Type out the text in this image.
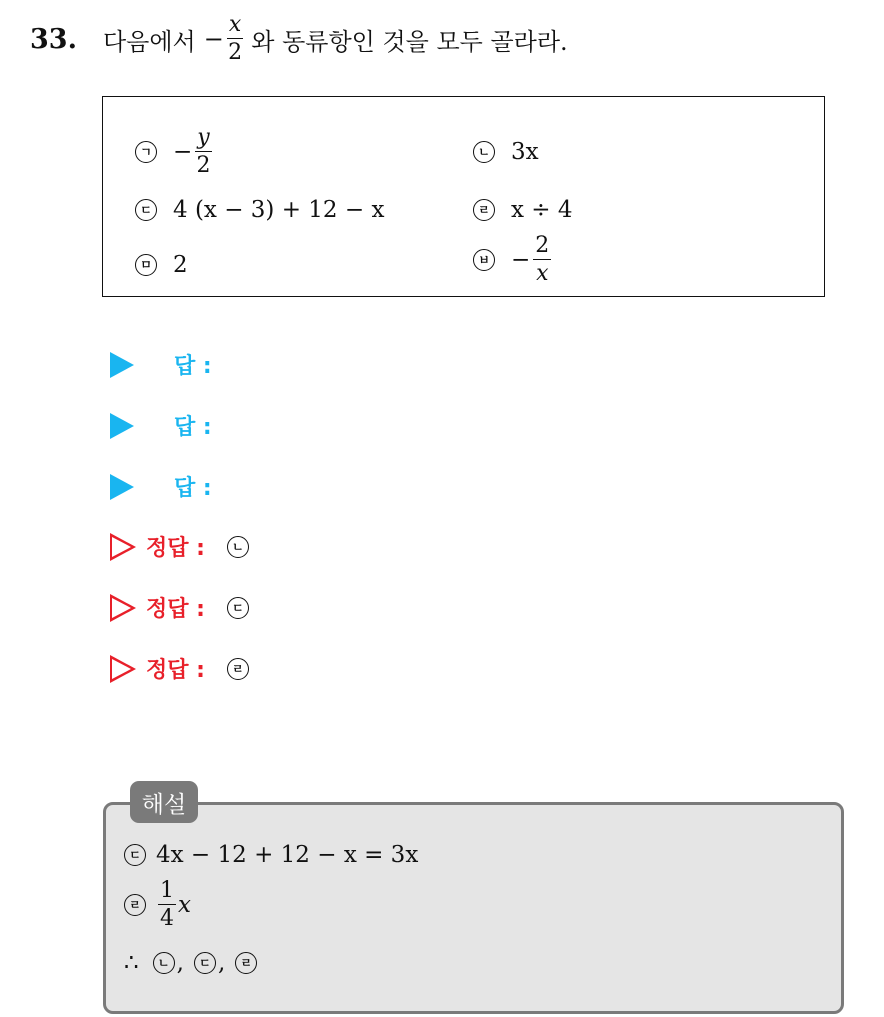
33. 다음에서 − $\frac{x}{2}$ 와 동류항인 것을 모두 골라라.
ㄱ − $\frac{y}{2}$	ㄴ 3x
ㄷ 4 (x − 3) + 12 − x	ㄹ x ÷ 4
ㅁ 2	ㅂ − $\frac{2}{x}$
답 :
답 :
답 :
정답 :	ㄴ
정답 :	ㄷ
정답 :	ㄹ
해설
ㄷ 4x − 12 + 12 − x = 3x
ㄹ $\frac{1}{4}$ x
∴	ㄴ ,	ㄷ ,	ㄹ
